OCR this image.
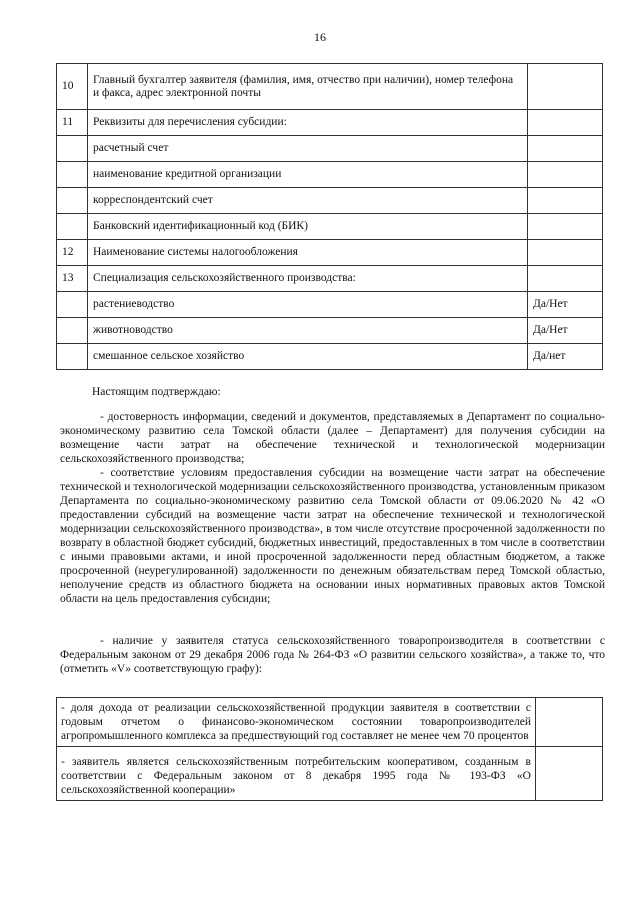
16
10	Главный бухгалтер заявителя (фамилия, имя, отчество при наличии), номер телефона и факса, адрес электронной почты	
11	Реквизиты для перечисления субсидии:	
	расчетный счет	
	наименование кредитной организации	
	корреспондентский счет	
	Банковский идентификационный код (БИК)	
12	Наименование системы налогообложения	
13	Специализация сельскохозяйственного производства:	
	растениеводство	Да/Нет
	животноводство	Да/Нет
	смешанное сельское хозяйство	Да/нет
Настоящим подтверждаю:

- достоверность информации, сведений и документов, представляемых в Департамент по социально-экономическому развитию села Томской области (далее – Департамент) для получения субсидии на возмещение части затрат на обеспечение технической и технологической модернизации сельскохозяйственного производства;

- соответствие условиям предоставления субсидии на возмещение части затрат на обеспечение технической и технологической модернизации сельскохозяйственного производства, установленным приказом Департамента по социально-экономическому развитию села Томской области от 09.06.2020 № 42 «О предоставлении субсидий на возмещение части затрат на обеспечение технической и технологической модернизации сельскохозяйственного производства», в том числе отсутствие просроченной задолженности по возврату в областной бюджет субсидий, бюджетных инвестиций, предоставленных в том числе в соответствии с иными правовыми актами, и иной просроченной задолженности перед областным бюджетом, а также просроченной (неурегулированной) задолженности по денежным обязательствам перед Томской областью, неполучение средств из областного бюджета на основании иных нормативных правовых актов Томской области на цель предоставления субсидии;

- наличие у заявителя статуса сельскохозяйственного товаропроизводителя в соответствии с Федеральным законом от 29 декабря 2006 года № 264-ФЗ «О развитии сельского хозяйства», а также то, что (отметить «V» соответствующую графу):

- доля дохода от реализации сельскохозяйственной продукции заявителя в соответствии с годовым отчетом о финансово-экономическом состоянии товаропроизводителей агропромышленного комплекса за предшествующий год составляет не менее чем 70 процентов	
- заявитель является сельскохозяйственным потребительским кооперативом, созданным в соответствии с Федеральным законом от 8 декабря 1995 года № 193-ФЗ «О сельскохозяйственной кооперации»	
